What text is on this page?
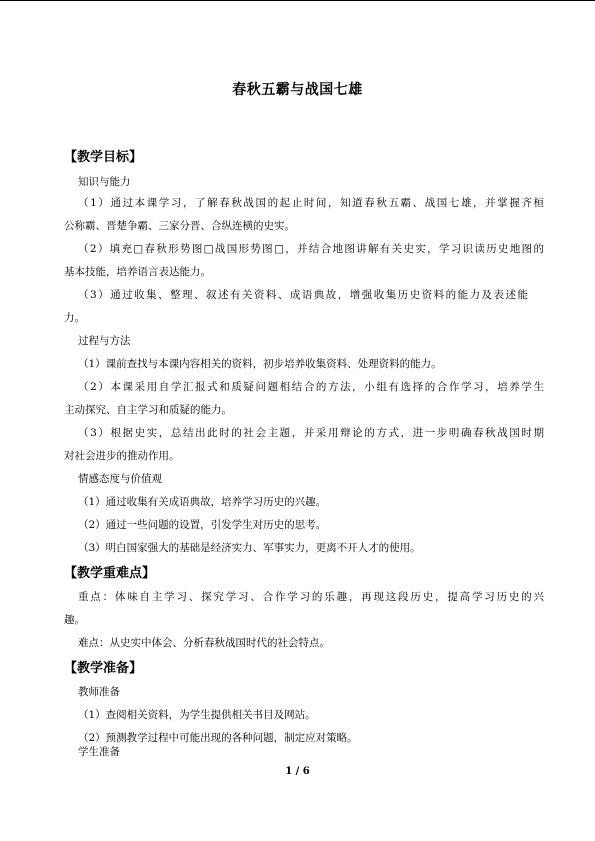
春秋五霸与战国七雄
【教学目标】
知识与能力
（1）通过本课学习，了解春秋战国的起止时间，知道春秋五霸、战国七雄，并掌握齐桓
公称霸、晋楚争霸、三家分晋、合纵连横的史实。
（2）填充□春秋形势图□战国形势图□，并结合地图讲解有关史实，学习识读历史地图的
基本技能，培养语言表达能力。
（3）通过收集、整理、叙述有关资料、成语典故，增强收集历史资料的能力及表述能
力。
过程与方法
（1）课前查找与本课内容相关的资料，初步培养收集资料、处理资料的能力。
（2）本课采用自学汇报式和质疑问题相结合的方法，小组有选择的合作学习，培养学生
主动探究、自主学习和质疑的能力。
（3）根据史实，总结出此时的社会主题，并采用辩论的方式，进一步明确春秋战国时期
对社会进步的推动作用。
情感态度与价值观
（1）通过收集有关成语典故，培养学习历史的兴趣。
（2）通过一些问题的设置，引发学生对历史的思考。
（3）明白国家强大的基础是经济实力、军事实力，更离不开人才的使用。
【教学重难点】
重点：体味自主学习、探究学习、合作学习的乐趣，再现这段历史，提高学习历史的兴
趣。
难点：从史实中体会、分析春秋战国时代的社会特点。
【教学准备】
教师准备
（1）查阅相关资料，为学生提供相关书目及网站。
（2）预测教学过程中可能出现的各种问题，制定应对策略。
学生准备
1 / 6
